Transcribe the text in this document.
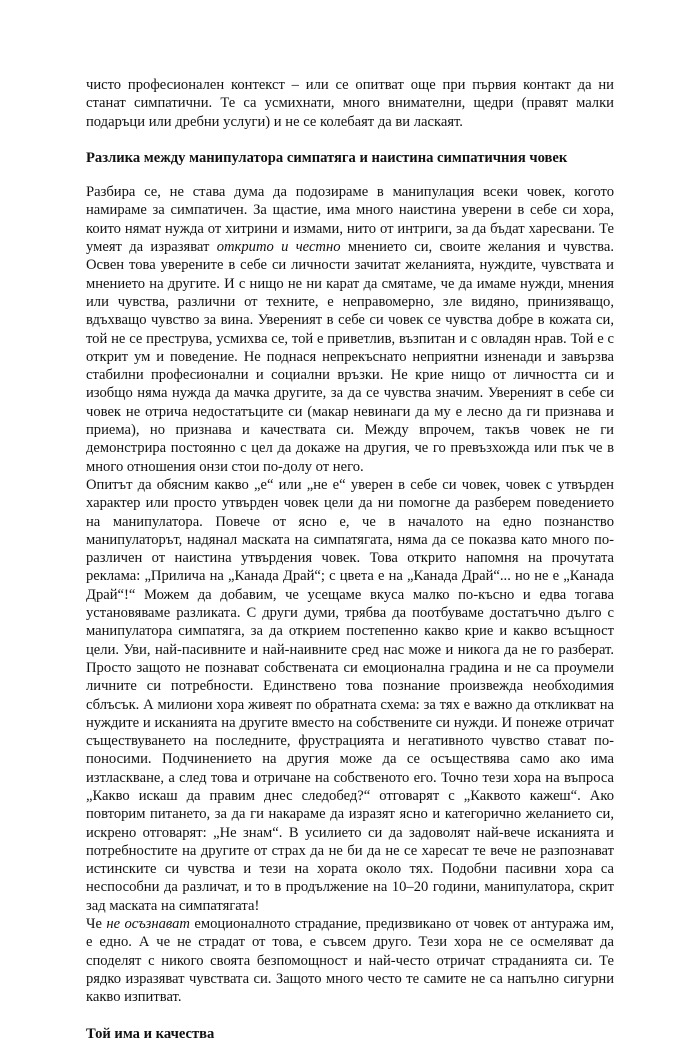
чисто професионален контекст – или се опитват още при първия контакт да ни станат симпатични. Те са усмихнати, много внимателни, щедри (правят малки подаръци или дребни услуги) и не се колебаят да ви ласкаят.

Разлика между манипулатора симпатяга и наистина симпатичния човек

Разбира се, не става дума да подозираме в манипулация всеки човек, когото намираме за симпатичен. За щастие, има много наистина уверени в себе си хора, които нямат нужда от хитрини и измами, нито от интриги, за да бъдат харесвани. Те умеят да изразяват открито и честно мнението си, своите желания и чувства. Освен това уверените в себе си личности зачитат желанията, нуждите, чувствата и мнението на другите. И с нищо не ни карат да смятаме, че да имаме нужди, мнения или чувства, различни от техните, е неправомерно, зле видяно, принизяващо, вдъхващо чувство за вина. Увереният в себе си човек се чувства добре в кожата си, той не се преструва, усмихва се, той е приветлив, възпитан и с овладян нрав. Той е с открит ум и поведение. Не поднася непрекъснато неприятни изненади и завързва стабилни професионални и социални връзки. Не крие нищо от личността си и изобщо няма нужда да мачка другите, за да се чувства значим. Увереният в себе си човек не отрича недостатъците си (макар невинаги да му е лесно да ги признава и приема), но признава и качествата си. Между впрочем, такъв човек не ги демонстрира постоянно с цел да докаже на другия, че го превъзхожда или пък че в много отношения онзи стои по-долу от него.

Опитът да обясним какво „е“ или „не е“ уверен в себе си човек, човек с утвърден характер или просто утвърден човек цели да ни помогне да разберем поведението на манипулатора. Повече от ясно е, че в началото на едно познанство манипулаторът, надянал маската на симпатягата, няма да се показва като много по-различен от наистина утвърдения човек. Това открито напомня на прочутата реклама: „Прилича на „Канада Драй“; с цвета е на „Канада Драй“... но не е „Канада Драй“!“ Можем да добавим, че усещаме вкуса малко по-късно и едва тогава установяваме разликата. С други думи, трябва да поотбуваме достатъчно дълго с манипулатора симпатяга, за да открием постепенно какво крие и какво всъщност цели. Уви, най-пасивните и най-наивните сред нас може и никога да не го разберат. Просто защото не познават собствената си емоционална градина и не са проумели личните си потребности. Единствено това познание произвежда необходимия сблъсък. А милиони хора живеят по обратната схема: за тях е важно да откликват на нуждите и исканията на другите вместо на собствените си нужди. И понеже отричат съществуването на последните, фрустрацията и негативното чувство стават по-поносими. Подчинението на другия може да се осъществява само ако има изтласкване, а след това и отричане на собственото его. Точно тези хора на въпроса „Какво искаш да правим днес следобед?“ отговарят с „Каквото кажеш“. Ако повторим питането, за да ги накараме да изразят ясно и категорично желанието си, искрено отговарят: „Не знам“. В усилието си да задоволят най-вече исканията и потребностите на другите от страх да не би да не се харесат те вече не разпознават истинските си чувства и тези на хората около тях. Подобни пасивни хора са неспособни да различат, и то в продължение на 10–20 години, манипулатора, скрит зад маската на симпатягата!

Че не осъзнават емоционалното страдание, предизвикано от човек от антуража им, е едно. А че не страдат от това, е съвсем друго. Тези хора не се осмеляват да споделят с никого своята безпомощност и най-често отричат страданията си. Те рядко изразяват чувствата си. Защото много често те самите не са напълно сигурни какво изпитват.

Той има и качества
